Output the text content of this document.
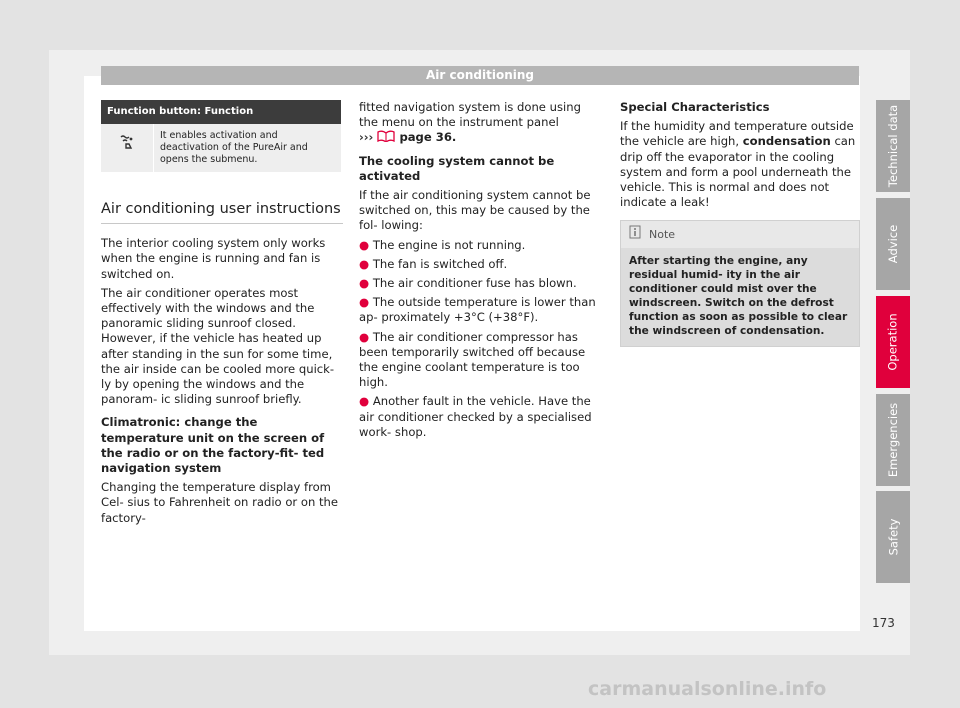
Air conditioning
Function button: Function
	It enables activation and deactivation of the PureAir and opens the submenu.
Air conditioning user instructions

The interior cooling system only works when the engine is running and fan is switched on.

The air conditioner operates most effectively with the windows and the panoramic sliding sunroof closed. However, if the vehicle has heated up after standing in the sun for some time, the air inside can be cooled more quick- ly by opening the windows and the panoram- ic sliding sunroof briefly.

Climatronic: change the temperature unit on the screen of the radio or on the factory-fit- ted navigation system

Changing the temperature display from Cel- sius to Fahrenheit on radio or on the factory-

fitted navigation system is done using the menu on the instrument panel
››› page 36.

The cooling system cannot be activated

If the air conditioning system cannot be switched on, this may be caused by the fol- lowing:

● The engine is not running.

● The fan is switched off.

● The air conditioner fuse has blown.

● The outside temperature is lower than ap- proximately +3°C (+38°F).

● The air conditioner compressor has been temporarily switched off because the engine coolant temperature is too high.

● Another fault in the vehicle. Have the air conditioner checked by a specialised work- shop.

Special Characteristics

If the humidity and temperature outside the vehicle are high, condensation can drip off the evaporator in the cooling system and form a pool underneath the vehicle. This is normal and does not indicate a leak!

Note
After starting the engine, any residual humid- ity in the air conditioner could mist over the windscreen. Switch on the defrost function as soon as possible to clear the windscreen of condensation.
Technical data
Advice
Operation
Emergencies
Safety
173
carmanualsonline.info
